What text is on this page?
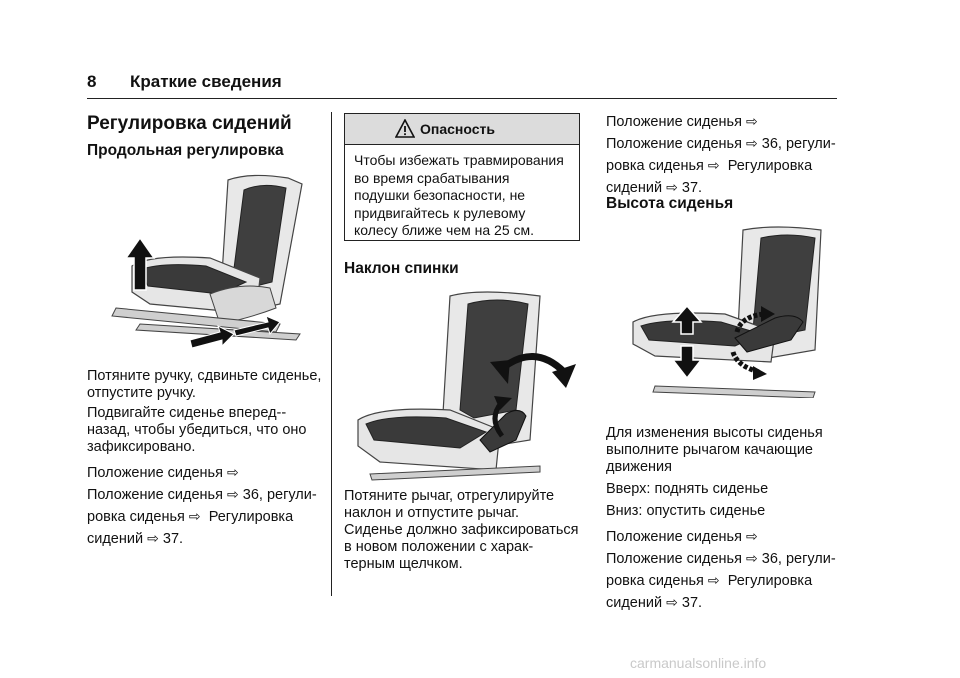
8 Краткие сведения
Регулировка сидений
Продольная регулировка

Потяните ручку, сдвиньте сиденье,
отпустите ручку.

Подвигайте сиденье вперед--
назад, чтобы убедиться, что оно
зафиксировано.

Положение сиденья ⇨
Положение сиденья ⇨ 36, регули-
ровка сиденья ⇨ Регулировка
сидений ⇨ 37.

Опасность

Чтобы избежать травмирования
во время срабатывания
подушки безопасности, не
придвигайтесь к рулевому
колесу ближе чем на 25 см.

Наклон спинки

Потяните рычаг, отрегулируйте
наклон и отпустите рычаг.
Сиденье должно зафиксироваться
в новом положении с харак-
терным щелчком.

Положение сиденья ⇨
Положение сиденья ⇨ 36, регули-
ровка сиденья ⇨ Регулировка
сидений ⇨ 37.

Высота сиденья

Для изменения высоты сиденья
выполните рычагом качающие
движения

Вверх: поднять сиденье

Вниз: опустить сиденье

Положение сиденья ⇨
Положение сиденья ⇨ 36, регули-
ровка сиденья ⇨ Регулировка
сидений ⇨ 37.

carmanualsonline.info
